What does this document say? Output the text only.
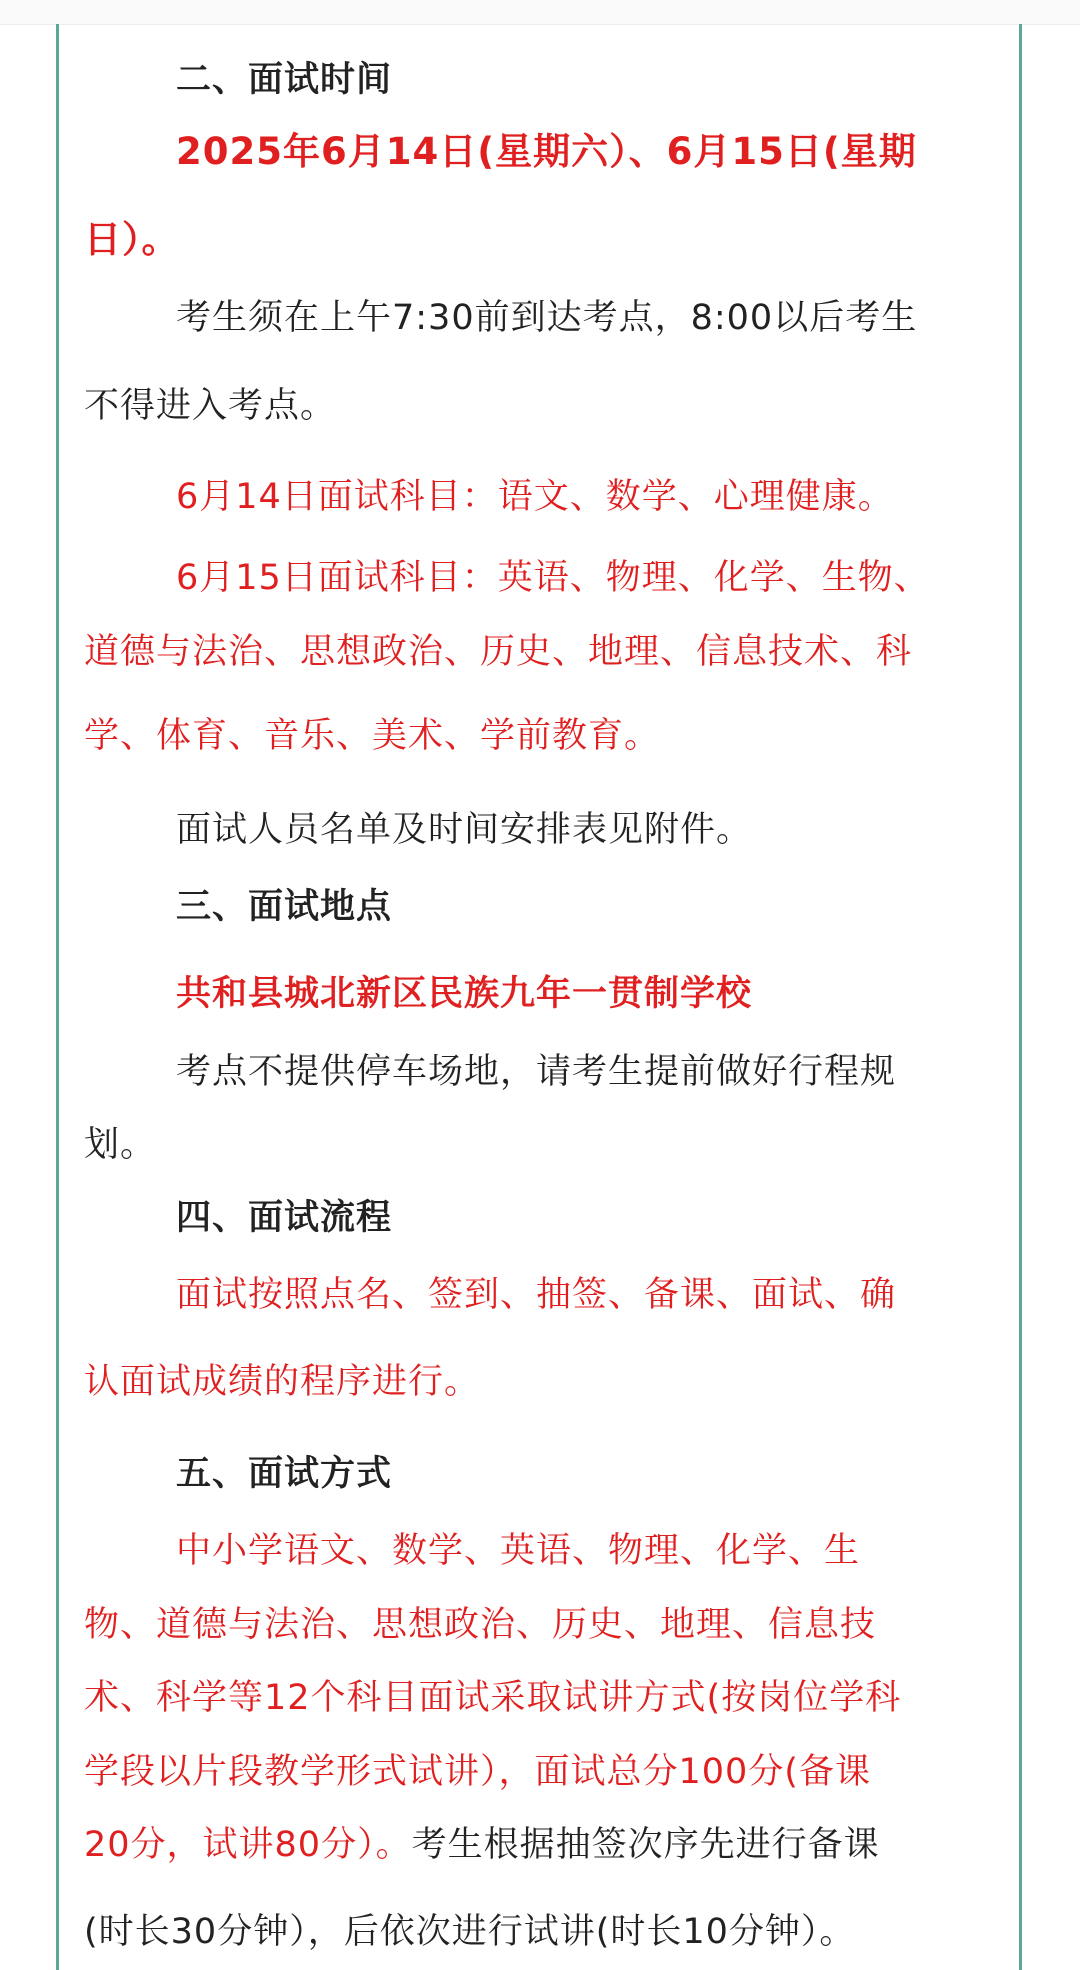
二、面试时间
2025年6月14日(星期六）、6月15日(星期
日）。
考生须在上午7:30前到达考点，8:00以后考生
不得进入考点。
6月14日面试科目：语文、数学、心理健康。
6月15日面试科目：英语、物理、化学、生物、
道德与法治、思想政治、历史、地理、信息技术、科
学、体育、音乐、美术、学前教育。
面试人员名单及时间安排表见附件。
三、面试地点
共和县城北新区民族九年一贯制学校
考点不提供停车场地，请考生提前做好行程规
划。
四、面试流程
面试按照点名、签到、抽签、备课、面试、确
认面试成绩的程序进行。
五、面试方式
中小学语文、数学、英语、物理、化学、生
物、道德与法治、思想政治、历史、地理、信息技
术、科学等12个科目面试采取试讲方式(按岗位学科
学段以片段教学形式试讲），面试总分100分(备课
20分，试讲80分）。考生根据抽签次序先进行备课
(时长30分钟），后依次进行试讲(时长10分钟）。
